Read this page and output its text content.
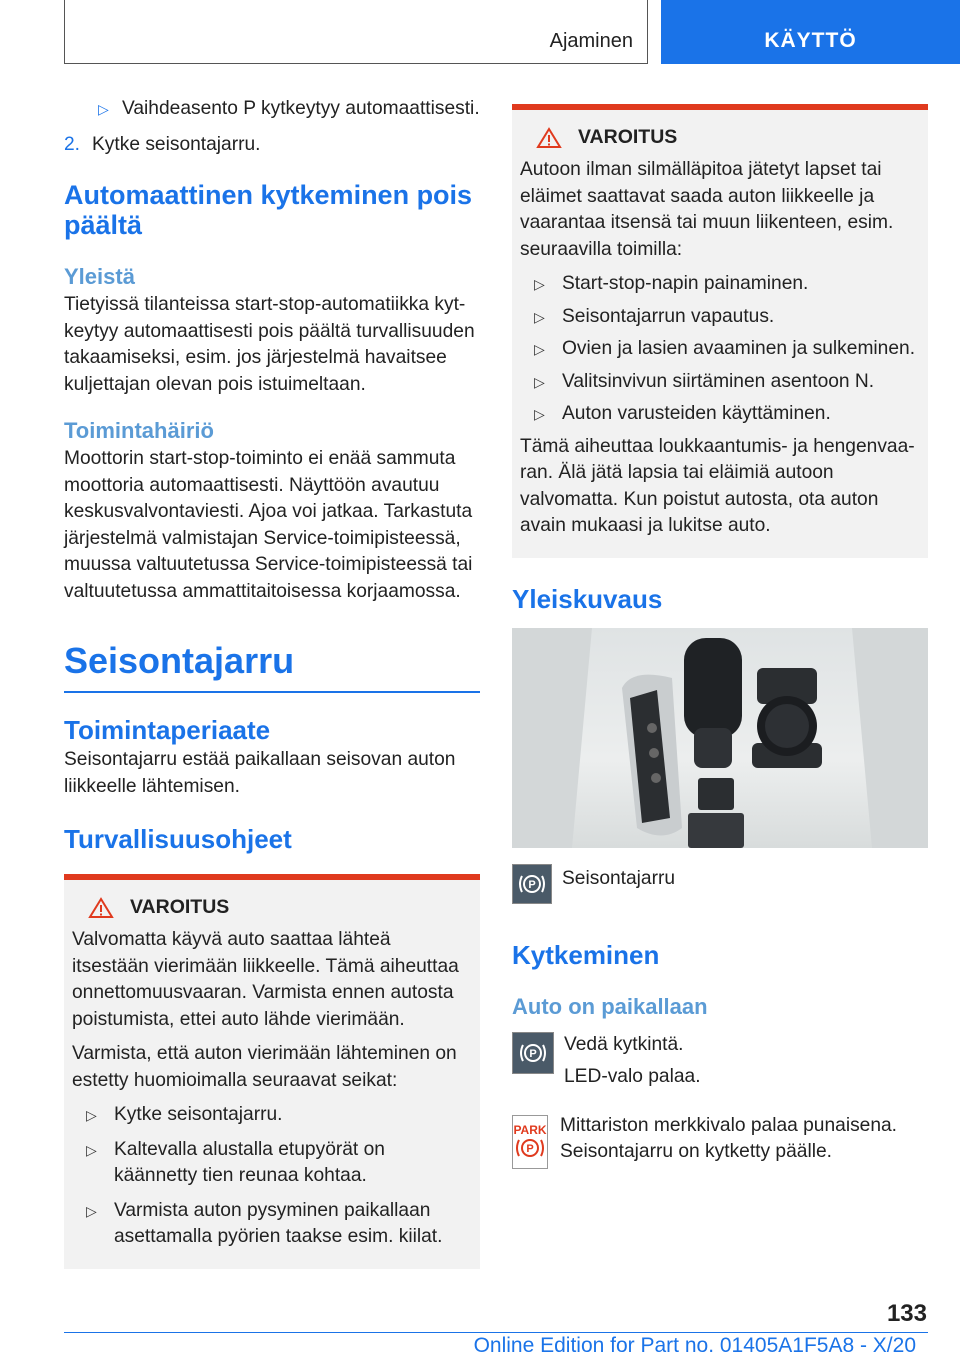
Ajaminen	KÄYTTÖ
▷ Vaihdeasento P kytkeytyy automaattisesti.
2. Kytke seisontajarru.
Automaattinen kytkeminen pois päältä
Yleistä

Tietyissä tilanteissa start-stop-automatiikka kytkeytyy automaattisesti pois päältä turvallisuuden takaamiseksi, esim. jos järjestelmä havaitsee kuljettajan olevan pois istuimeltaan.

Toimintahäiriö

Moottorin start-stop-toiminto ei enää sammuta moottoria automaattisesti. Näyttöön avautuu keskusvalvontaviesti. Ajoa voi jatkaa. Tarkastuta järjestelmä valmistajan Service-toimipisteessä, muussa valtuutetussa Service-toimipisteessä tai valtuutetussa ammattitaitoisessa korjaamossa.

Seisontajarru
Toimintaperiaate

Seisontajarru estää paikallaan seisovan auton liikkeelle lähtemisen.

Turvallisuusohjeet
VAROITUS

Valvomatta käyvä auto saattaa lähteä itsestään vierimään liikkeelle. Tämä aiheuttaa onnettomuusvaaran. Varmista ennen autosta poistumista, ettei auto lähde vierimään.

Varmista, että auton vierimään lähteminen on estetty huomioimalla seuraavat seikat:

▷ Kytke seisontajarru.
▷ Kaltevalla alustalla etupyörät on käännetty tien reunaa kohtaa.
▷ Varmista auton pysyminen paikallaan asettamalla pyörien taakse esim. kiilat.
VAROITUS

Autoon ilman silmälläpitoa jätetyt lapset tai eläimet saattavat saada auton liikkeelle ja vaarantaa itsensä tai muun liikenteen, esim. seuraavilla toimilla:

▷ Start-stop-napin painaminen.
▷ Seisontajarrun vapautus.
▷ Ovien ja lasien avaaminen ja sulkeminen.
▷ Valitsinvivun siirtäminen asentoon N.
▷ Auton varusteiden käyttäminen.

Tämä aiheuttaa loukkaantumis- ja hengenvaaran. Älä jätä lapsia tai eläimiä autoon valvomatta. Kun poistut autosta, ota auton avain mukaasi ja lukitse auto.

Yleiskuvaus
P Seisontajarru

Kytkeminen
Auto on paikallaan
P Vedä kytkintä.

LED-valo palaa.

PARK
P

Mittariston merkkivalo palaa punaisena. Seisontajarru on kytketty päälle.

133
Online Edition for Part no. 01405A1F5A8 - X/20
